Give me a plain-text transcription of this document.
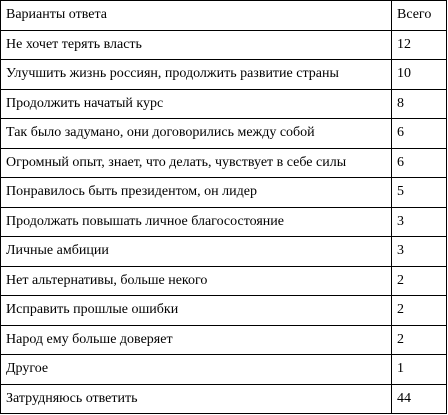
Варианты ответа	Всего
Не хочет терять власть	12
Улучшить жизнь россиян, продолжить развитие страны	10
Продолжить начатый курс	8
Так было задумано, они договорились между собой	6
Огромный опыт, знает, что делать, чувствует в себе силы	6
Понравилось быть президентом, он лидер	5
Продолжать повышать личное благосостояние	3
Личные амбиции	3
Нет альтернативы, больше некого	2
Исправить прошлые ошибки	2
Народ ему больше доверяет	2
Другое	1
Затрудняюсь ответить	44
